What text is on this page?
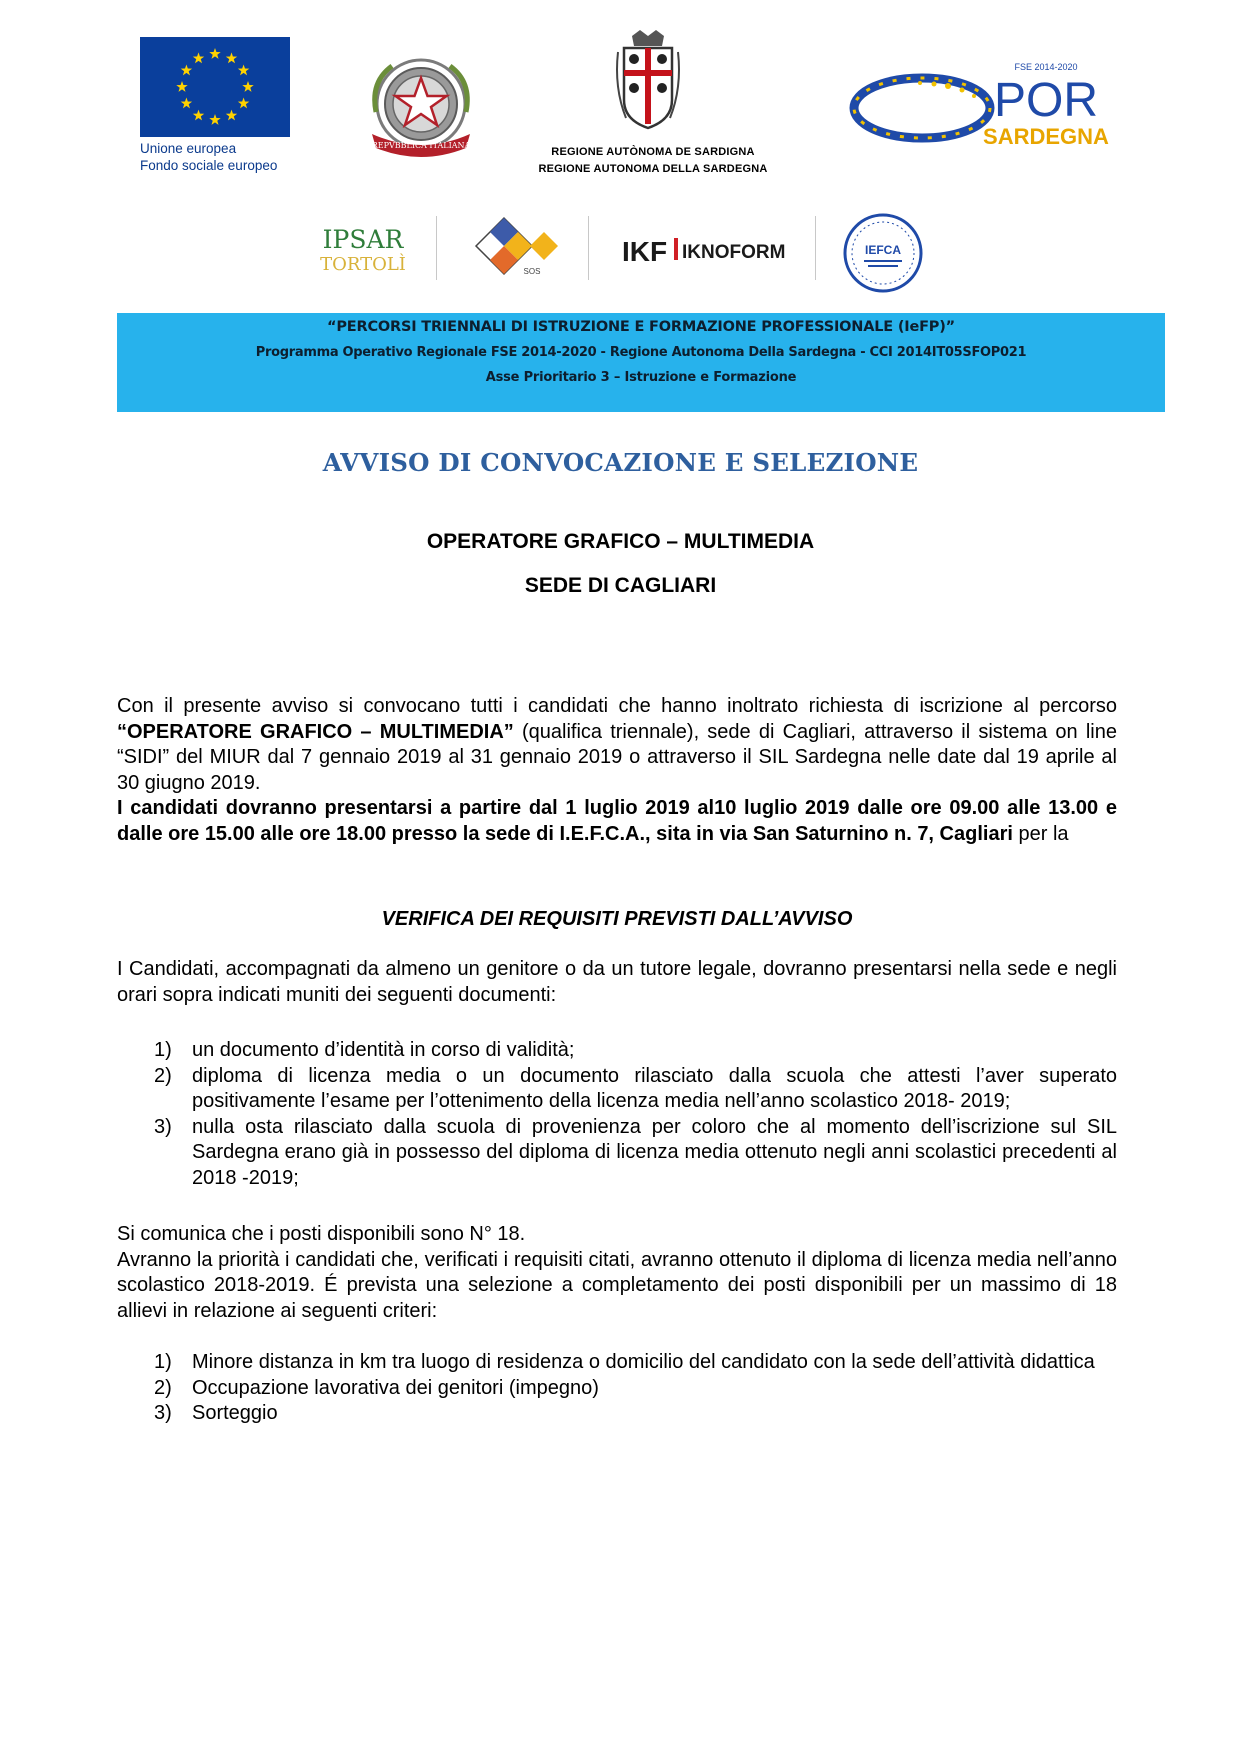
Unione europea
Fondo sociale europeo
REPVBBLICA ITALIANA
REGIONE AUTÒNOMA DE SARDIGNA
REGIONE AUTONOMA DELLA SARDEGNA
FSE 2014-2020
POR
SARDEGNA
IPSAR
TORTOLÌ	SOS
IKF IKNOFORM	IEFCA
“PERCORSI TRIENNALI DI ISTRUZIONE E FORMAZIONE PROFESSIONALE (IeFP)”
Programma Operativo Regionale FSE 2014-2020 - Regione Autonoma Della Sardegna - CCI 2014IT05SFOP021
Asse Prioritario 3 – Istruzione e Formazione
AVVISO DI CONVOCAZIONE E SELEZIONE
OPERATORE GRAFICO – MULTIMEDIA
SEDE DI CAGLIARI
Con il presente avviso si convocano tutti i candidati che hanno inoltrato richiesta di iscrizione al percorso “OPERATORE GRAFICO – MULTIMEDIA” (qualifica triennale), sede di Cagliari, attraverso il sistema on line “SIDI” del MIUR dal 7 gennaio 2019 al 31 gennaio 2019 o attraverso il SIL Sardegna nelle date dal 19 aprile al 30 giugno 2019.
I candidati dovranno presentarsi a partire dal 1 luglio 2019 al10 luglio 2019 dalle ore 09.00 alle 13.00 e dalle ore 15.00 alle ore 18.00 presso la sede di I.E.F.C.A., sita in via San Saturnino n. 7, Cagliari per la
VERIFICA DEI REQUISITI PREVISTI DALL’AVVISO
I Candidati, accompagnati da almeno un genitore o da un tutore legale, dovranno presentarsi nella sede e negli orari sopra indicati muniti dei seguenti documenti:
1) un documento d’identità in corso di validità;
2) diploma di licenza media o un documento rilasciato dalla scuola che attesti l’aver superato positivamente l’esame per l’ottenimento della licenza media nell’anno scolastico 2018- 2019;
3) nulla osta rilasciato dalla scuola di provenienza per coloro che al momento dell’iscrizione sul SIL Sardegna erano già in possesso del diploma di licenza media ottenuto negli anni scolastici precedenti al 2018 -2019;
Si comunica che i posti disponibili sono N° 18.
Avranno la priorità i candidati che, verificati i requisiti citati, avranno ottenuto il diploma di licenza media nell’anno scolastico 2018-2019. É prevista una selezione a completamento dei posti disponibili per un massimo di 18 allievi in relazione ai seguenti criteri:
1) Minore distanza in km tra luogo di residenza o domicilio del candidato con la sede dell’attività didattica
2) Occupazione lavorativa dei genitori (impegno)
3) Sorteggio
